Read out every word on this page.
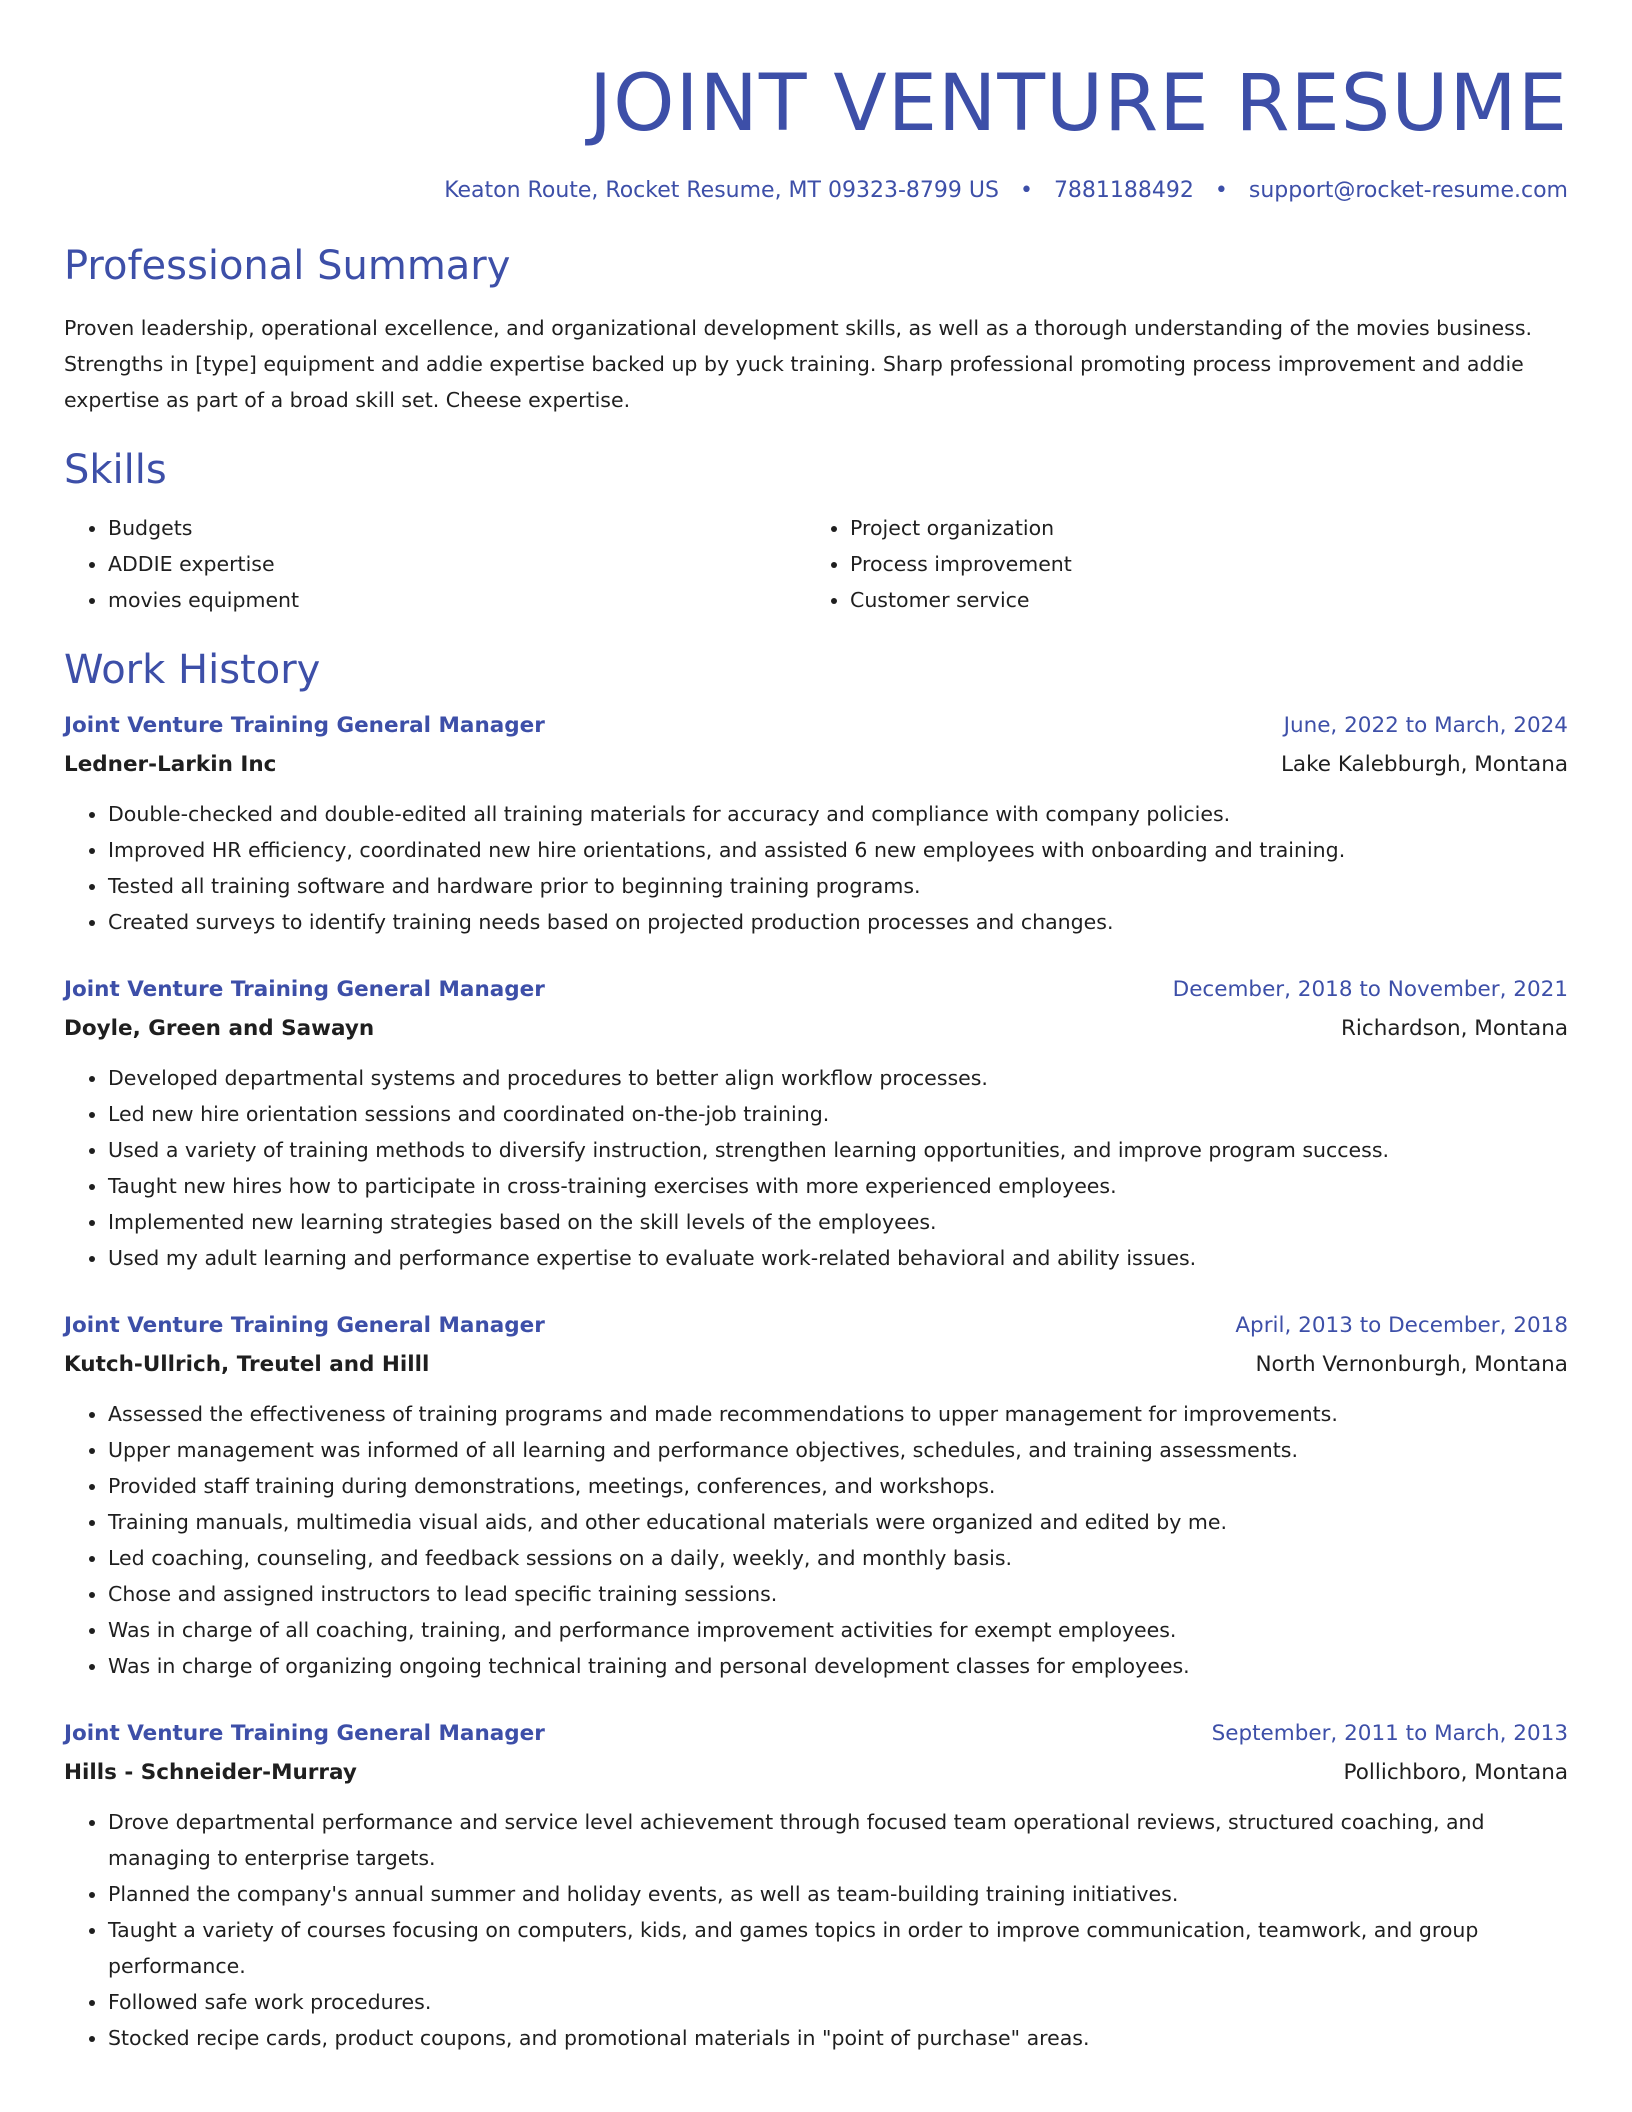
JOINT VENTURE RESUME
Keaton Route, Rocket Resume, MT 09323-8799 US • 7881188492 • support@rocket-resume.com
Professional Summary
Proven leadership, operational excellence, and organizational development skills, as well as a thorough understanding of the movies business. Strengths in [type] equipment and addie expertise backed up by yuck training. Sharp professional promoting process improvement and addie expertise as part of a broad skill set. Cheese expertise.
Skills
• Budgets
• ADDIE expertise
• movies equipment
• Project organization
• Process improvement
• Customer service
Work History
Joint Venture Training General Manager	June, 2022 to March, 2024
Ledner-Larkin Inc	Lake Kalebburgh, Montana
• Double-checked and double-edited all training materials for accuracy and compliance with company policies.
• Improved HR efficiency, coordinated new hire orientations, and assisted 6 new employees with onboarding and training.
• Tested all training software and hardware prior to beginning training programs.
• Created surveys to identify training needs based on projected production processes and changes.
Joint Venture Training General Manager	December, 2018 to November, 2021
Doyle, Green and Sawayn	Richardson, Montana
• Developed departmental systems and procedures to better align workflow processes.
• Led new hire orientation sessions and coordinated on-the-job training.
• Used a variety of training methods to diversify instruction, strengthen learning opportunities, and improve program success.
• Taught new hires how to participate in cross-training exercises with more experienced employees.
• Implemented new learning strategies based on the skill levels of the employees.
• Used my adult learning and performance expertise to evaluate work-related behavioral and ability issues.
Joint Venture Training General Manager	April, 2013 to December, 2018
Kutch-Ullrich, Treutel and Hilll	North Vernonburgh, Montana
• Assessed the effectiveness of training programs and made recommendations to upper management for improvements.
• Upper management was informed of all learning and performance objectives, schedules, and training assessments.
• Provided staff training during demonstrations, meetings, conferences, and workshops.
• Training manuals, multimedia visual aids, and other educational materials were organized and edited by me.
• Led coaching, counseling, and feedback sessions on a daily, weekly, and monthly basis.
• Chose and assigned instructors to lead specific training sessions.
• Was in charge of all coaching, training, and performance improvement activities for exempt employees.
• Was in charge of organizing ongoing technical training and personal development classes for employees.
Joint Venture Training General Manager	September, 2011 to March, 2013
Hills - Schneider-Murray	Pollichboro, Montana
• Drove departmental performance and service level achievement through focused team operational reviews, structured coaching, and managing to enterprise targets.
• Planned the company's annual summer and holiday events, as well as team-building training initiatives.
• Taught a variety of courses focusing on computers, kids, and games topics in order to improve communication, teamwork, and group performance.
• Followed safe work procedures.
• Stocked recipe cards, product coupons, and promotional materials in "point of purchase" areas.
